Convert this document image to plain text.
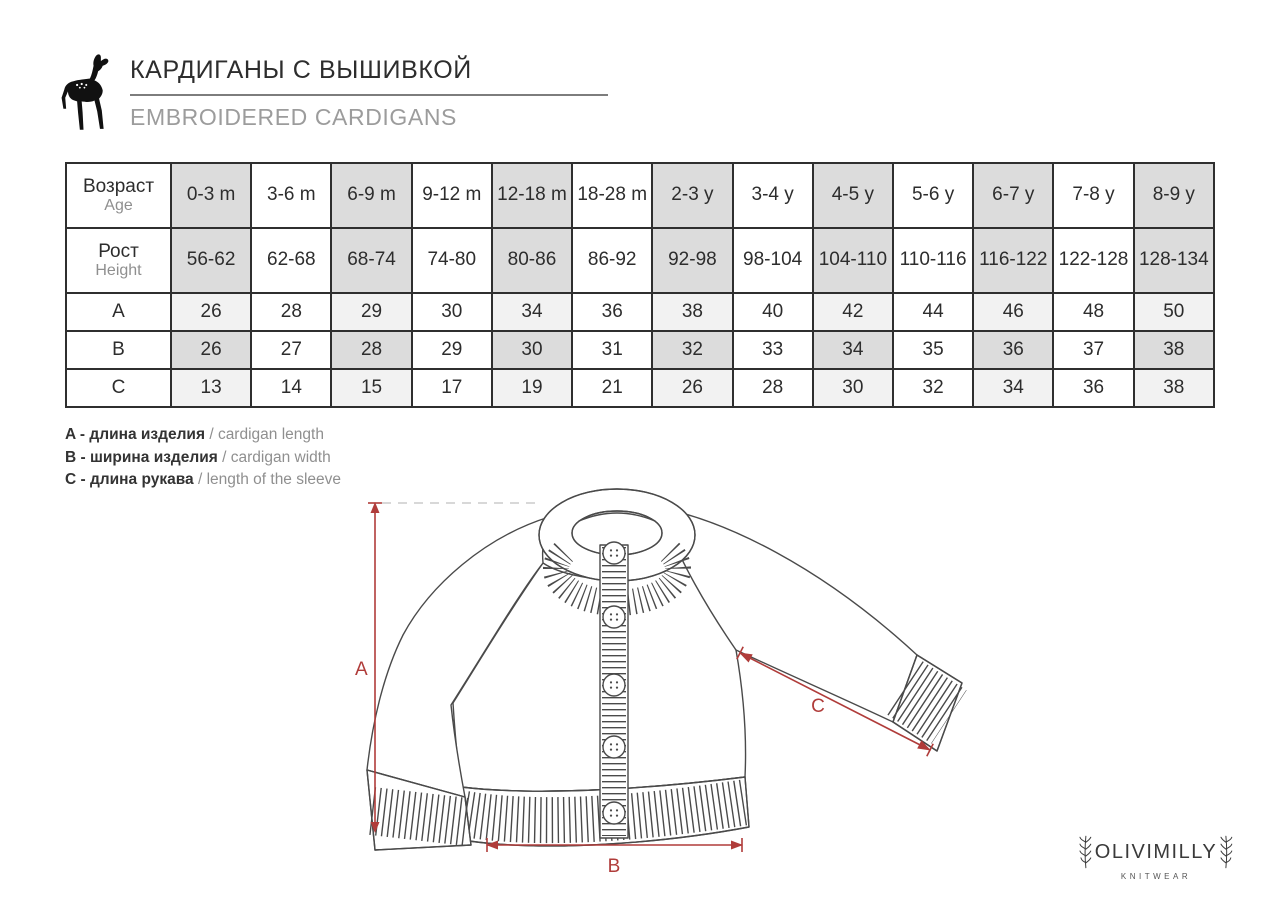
КАРДИГАНЫ С ВЫШИВКОЙ
EMBROIDERED CARDIGANS
Возраст
Age	0-3 m	3-6 m	6-9 m	9-12 m	12-18 m	18-28 m	2-3 y	3-4 y	4-5 y	5-6 y	6-7 y	7-8 y	8-9 y

Рост
Height	56-62	62-68	68-74	74-80	80-86	86-92	92-98	98-104	104-110	110-116	116-122	122-128	128-134

A	26	28	29	30	34	36	38	40	42	44	46	48	50

B	26	27	28	29	30	31	32	33	34	35	36	37	38

C	13	14	15	17	19	21	26	28	30	32	34	36	38
A - длина изделия / cardigan length
B - ширина изделия / cardigan width
C - длина рукава / length of the sleeve
A
B
C
OLIVIMILLY
KNITWEAR
